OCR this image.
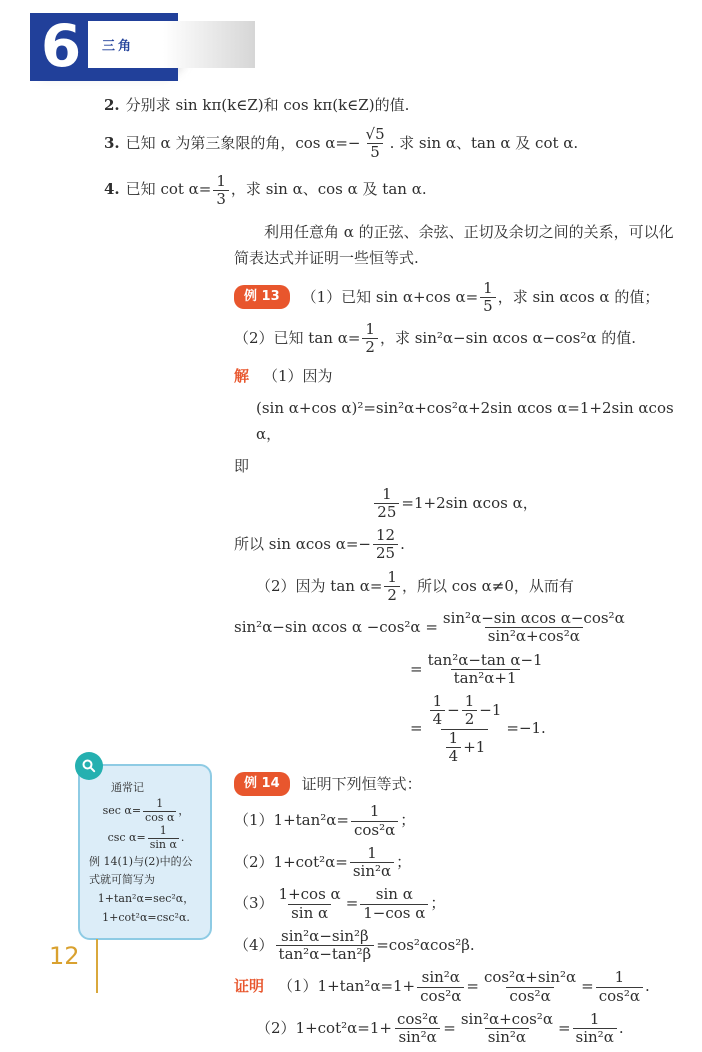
6	三角
2. 分别求 sin kπ(k∈Z)和 cos kπ(k∈Z)的值.
3. 已知 α 为第三象限的角，$\cos \alpha=- \frac{√5}{5}$ . 求 sin α、tan α 及 cot α.
4. 已知 $\cot \alpha= \frac{1}{3}$ ，求 sin α、cos α 及 tan α.

利用任意角 α 的正弦、余弦、正切及余切之间的关系，可以化简表达式并证明一些恒等式.

例 13	（1）已知 sin α+cos $\alpha= \frac{1}{5}$ ，求 sin αcos α 的值；
（2）已知 $\tan \alpha= \frac{1}{2}$ ，求 sin²α−sin αcos α−cos²α 的值.
解 （1）因为
(sin α+cos α)²=sin²α+cos²α+2sin αcos α=1+2sin αcos α，
即
$\frac{1}{25} =1+2\sin$ αcos α，
所以 sin αcos $\alpha=- \frac{12}{25}$ .
（2）因为 $\tan \alpha= \frac{1}{2}$ ，所以 cos α≠0，从而有
sin²α−sin αcos $\alpha -\cos^2\alpha = \frac{\text{sin²α−sin αcos α−cos²α}}{\text{sin²α+cos²α}}$
= $\frac{\text{tan²α−tan α−1}}{\text{tan²α+1}}$
= $\frac{\frac{1}{4} - \frac{1}{2} -1}{\frac{1}{4} +1} =-1$.
例 14	证明下列恒等式：
$(1)1+\tan^2\alpha= \frac{1}{\text{cos²α}}$ ；
$(2)1+\cot^2\alpha= \frac{1}{\text{sin²α}}$ ；
$(3) \frac{\text{1+cos α}}{\text{sin α}} = \frac{\text{sin α}}{\text{1−cos α}}$ ；
$(4) \frac{\text{sin²α−sin²β}}{\text{tan²α−tan²β}} =\cos^2\alpha\cos^2\beta$.
证明 $(1)1+\tan^2\alpha=1+ \frac{\text{sin²α}}{\text{cos²α}} = \frac{\text{cos²α+sin²α}}{\text{cos²α}} = \frac{1}{\text{cos²α}}$ .
$(2)1+\cot^2\alpha=1+ \frac{\text{cos²α}}{\text{sin²α}} = \frac{\text{sin²α+cos²α}}{\text{sin²α}} = \frac{1}{\text{sin²α}}$ .
通常记
$\sec \alpha= \frac{1}{\text{cos α}}$ ，
$\csc \alpha= \frac{1}{\text{sin α}}$ .
例 14(1)与(2)中的公式就可简写为
1+tan²α=sec²α，
1+cot²α=csc²α.
12
